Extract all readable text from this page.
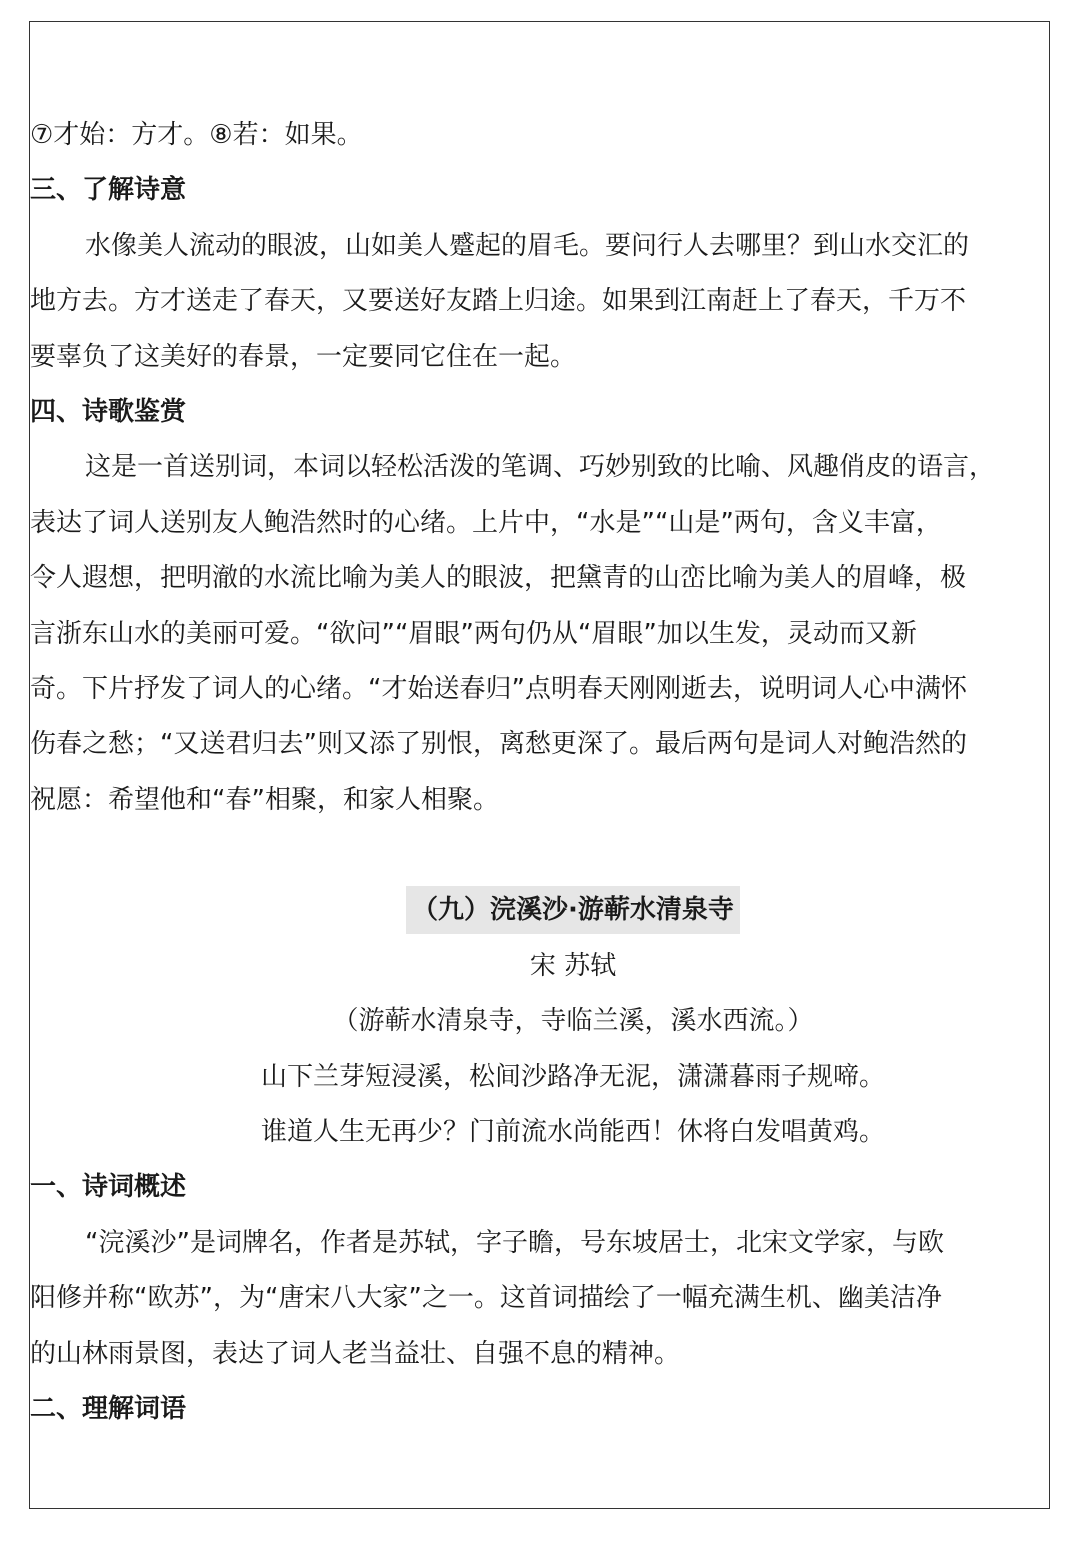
⑦才始：方才。⑧若：如果。
三、了解诗意
水像美人流动的眼波，山如美人蹙起的眉毛。要问行人去哪里？到山水交汇的
地方去。方才送走了春天，又要送好友踏上归途。如果到江南赶上了春天，千万不
要辜负了这美好的春景，一定要同它住在一起。
四、诗歌鉴赏
这是一首送别词，本词以轻松活泼的笔调、巧妙别致的比喻、风趣俏皮的语言，
表达了词人送别友人鲍浩然时的心绪。上片中，“水是”“山是”两句，含义丰富，
令人遐想，把明澈的水流比喻为美人的眼波，把黛青的山峦比喻为美人的眉峰，极
言浙东山水的美丽可爱。“欲问”“眉眼”两句仍从“眉眼”加以生发，灵动而又新
奇。下片抒发了词人的心绪。“才始送春归”点明春天刚刚逝去，说明词人心中满怀
伤春之愁；“又送君归去”则又添了别恨，离愁更深了。最后两句是词人对鲍浩然的
祝愿：希望他和“春”相聚，和家人相聚。
（九）浣溪沙·游蕲水清泉寺
宋 苏轼
（游蕲水清泉寺，寺临兰溪，溪水西流。）
山下兰芽短浸溪，松间沙路净无泥，潇潇暮雨子规啼。
谁道人生无再少？门前流水尚能西！休将白发唱黄鸡。
一、诗词概述
“浣溪沙”是词牌名，作者是苏轼，字子瞻，号东坡居士，北宋文学家，与欧
阳修并称“欧苏”，为“唐宋八大家”之一。这首词描绘了一幅充满生机、幽美洁净
的山林雨景图，表达了词人老当益壮、自强不息的精神。
二、理解词语
